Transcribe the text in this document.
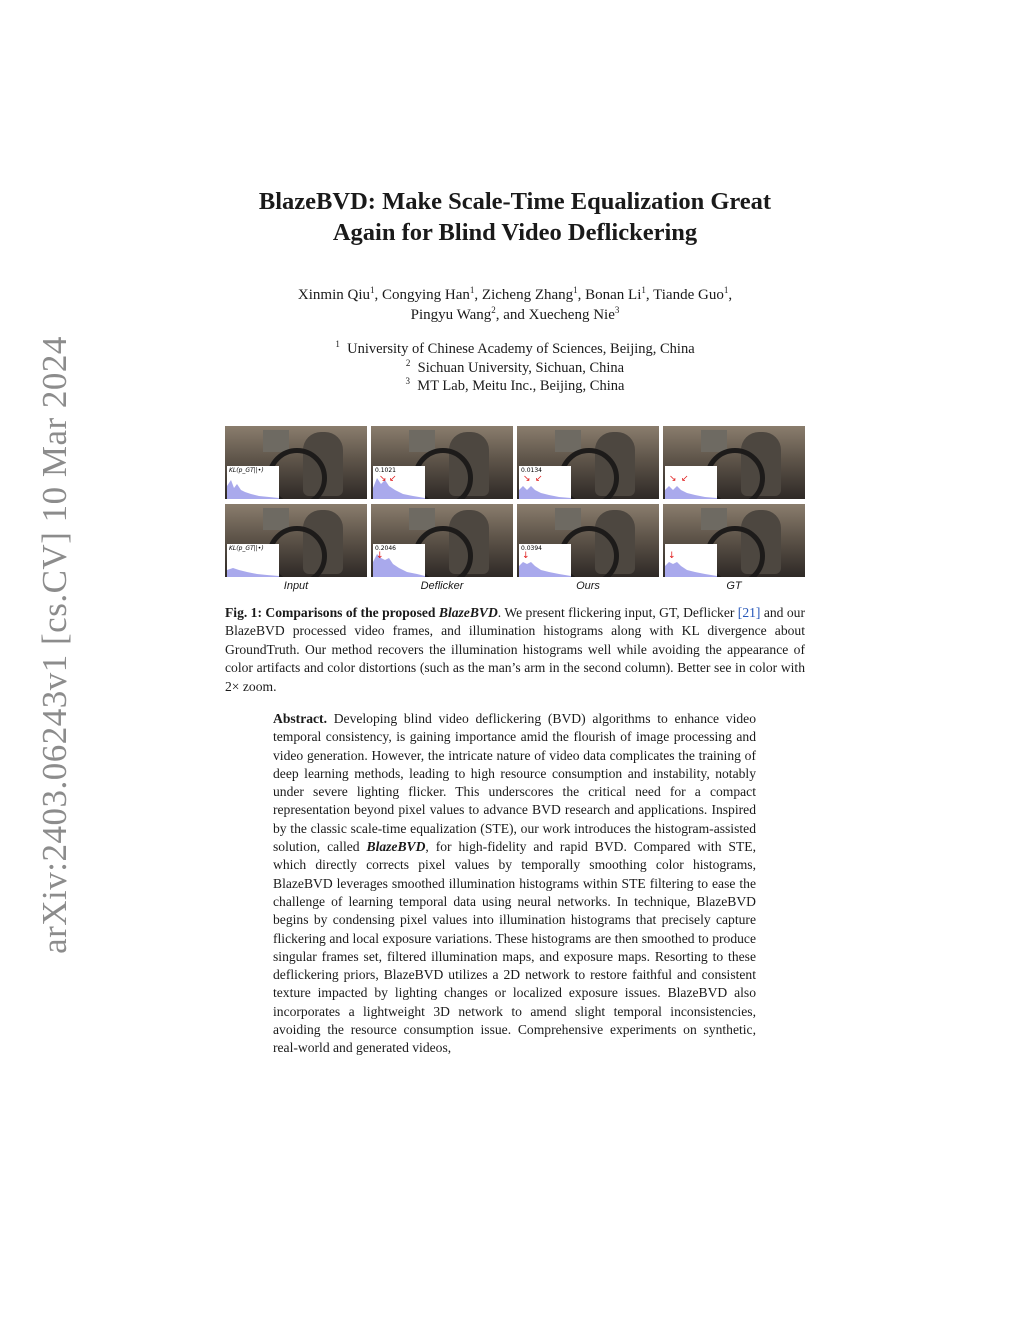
arXiv:2403.06243v1 [cs.CV] 10 Mar 2024
BlazeBVD: Make Scale-Time Equalization Great
Again for Blind Video Deflickering
Xinmin Qiu$^1$, Congying Han$^1$, Zicheng Zhang$^1$, Bonan Li$^1$, Tiande Guo$^1$,
Pingyu Wang$^2$, and Xuecheng Nie$^3$
$^1$ University of Chinese Academy of Sciences, Beijing, China
$^2$ Sichuan University, Sichuan, China
$^3$ MT Lab, Meitu Inc., Beijing, China
KL(p_GT||•)	0.1021
↘ ↙
0.0134
↘ ↙	↘ ↙
KL(p_GT||•)	0.2046
↓
0.0394
↓	↓
Input	Deflicker	Ours	GT
Fig. 1: Comparisons of the proposed BlazeBVD. We present flickering input, GT, Deflicker [21] and our BlazeBVD processed video frames, and illumination histograms along with KL divergence about GroundTruth. Our method recovers the illumination histograms well while avoiding the appearance of color artifacts and color distortions (such as the man’s arm in the second column). Better see in color with 2× zoom.
Abstract. Developing blind video deflickering (BVD) algorithms to enhance video temporal consistency, is gaining importance amid the flourish of image processing and video generation. However, the intricate nature of video data complicates the training of deep learning methods, leading to high resource consumption and instability, notably under severe lighting flicker. This underscores the critical need for a compact representation beyond pixel values to advance BVD research and applications. Inspired by the classic scale-time equalization (STE), our work introduces the histogram-assisted solution, called BlazeBVD, for high-fidelity and rapid BVD. Compared with STE, which directly corrects pixel values by temporally smoothing color histograms, BlazeBVD leverages smoothed illumination histograms within STE filtering to ease the challenge of learning temporal data using neural networks. In technique, BlazeBVD begins by condensing pixel values into illumination histograms that precisely capture flickering and local exposure variations. These histograms are then smoothed to produce singular frames set, filtered illumination maps, and exposure maps. Resorting to these deflickering priors, BlazeBVD utilizes a 2D network to restore faithful and consistent texture impacted by lighting changes or localized exposure issues. BlazeBVD also incorporates a lightweight 3D network to amend slight temporal inconsistencies, avoiding the resource consumption issue. Comprehensive experiments on synthetic, real-world and generated videos,
